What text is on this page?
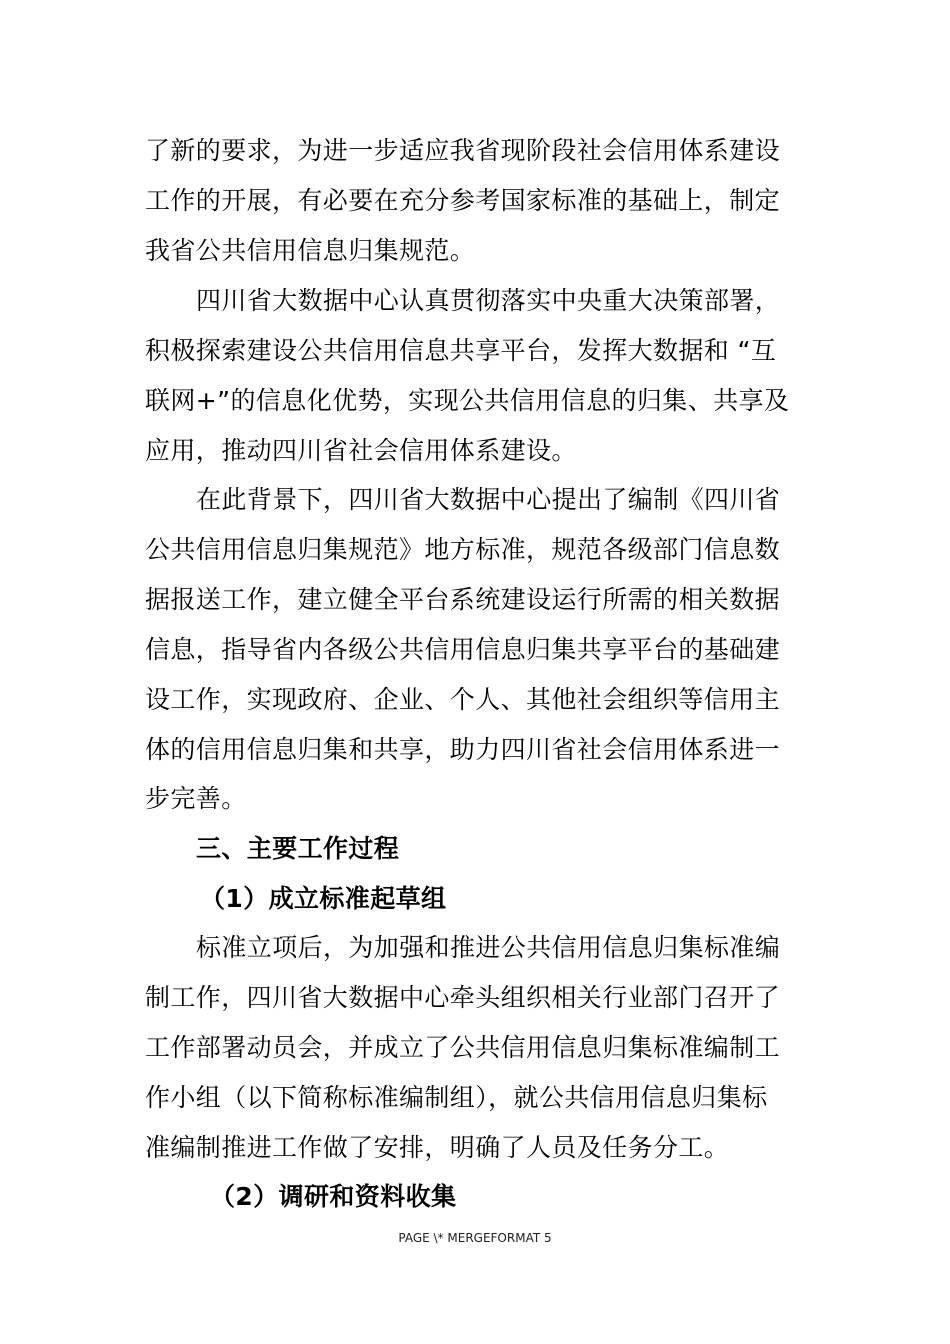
了新的要求，为进一步适应我省现阶段社会信用体系建设
工作的开展，有必要在充分参考国家标准的基础上，制定
我省公共信用信息归集规范。
四川省大数据中心认真贯彻落实中央重大决策部署，
积极探索建设公共信用信息共享平台，发挥大数据和 “互
联网+”的信息化优势，实现公共信用信息的归集、共享及
应用，推动四川省社会信用体系建设。
在此背景下，四川省大数据中心提出了编制《四川省
公共信用信息归集规范》地方标准，规范各级部门信息数
据报送工作，建立健全平台系统建设运行所需的相关数据
信息，指导省内各级公共信用信息归集共享平台的基础建
设工作，实现政府、企业、个人、其他社会组织等信用主
体的信用信息归集和共享，助力四川省社会信用体系进一
步完善。
三、主要工作过程
（1）成立标准起草组
标准立项后，为加强和推进公共信用信息归集标准编
制工作，四川省大数据中心牵头组织相关行业部门召开了
工作部署动员会，并成立了公共信用信息归集标准编制工
作小组（以下简称标准编制组），就公共信用信息归集标
准编制推进工作做了安排，明确了人员及任务分工。
（2）调研和资料收集
PAGE \* MERGEFORMAT 5
